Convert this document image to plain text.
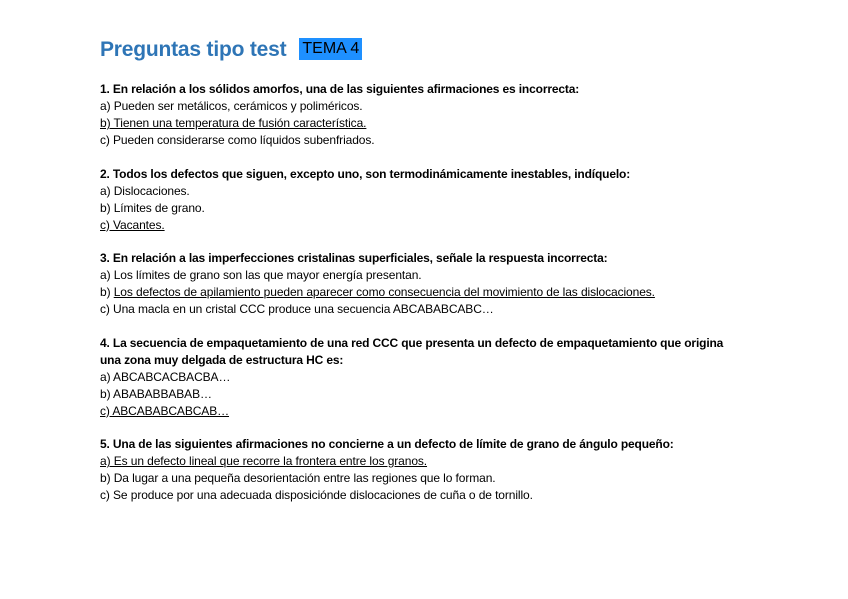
Preguntas tipo test TEMA 4
1. En relación a los sólidos amorfos, una de las siguientes afirmaciones es incorrecta:
a) Pueden ser metálicos, cerámicos y poliméricos.
b) Tienen una temperatura de fusión característica.
c) Pueden considerarse como líquidos subenfriados.
2. Todos los defectos que siguen, excepto uno, son termodinámicamente inestables, indíquelo:
a) Dislocaciones.
b) Límites de grano.
c) Vacantes.
3. En relación a las imperfecciones cristalinas superficiales, señale la respuesta incorrecta:
a) Los límites de grano son las que mayor energía presentan.
b) Los defectos de apilamiento pueden aparecer como consecuencia del movimiento de las dislocaciones.
c) Una macla en un cristal CCC produce una secuencia ABCABABCABC…
4. La secuencia de empaquetamiento de una red CCC que presenta un defecto de empaquetamiento que origina una zona muy delgada de estructura HC es:
a) ABCABCACBACBA…
b) ABABABBABAB…
c) ABCABABCABCAB…
5. Una de las siguientes afirmaciones no concierne a un defecto de límite de grano de ángulo pequeño:
a) Es un defecto lineal que recorre la frontera entre los granos.
b) Da lugar a una pequeña desorientación entre las regiones que lo forman.
c) Se produce por una adecuada disposiciónde dislocaciones de cuña o de tornillo.
